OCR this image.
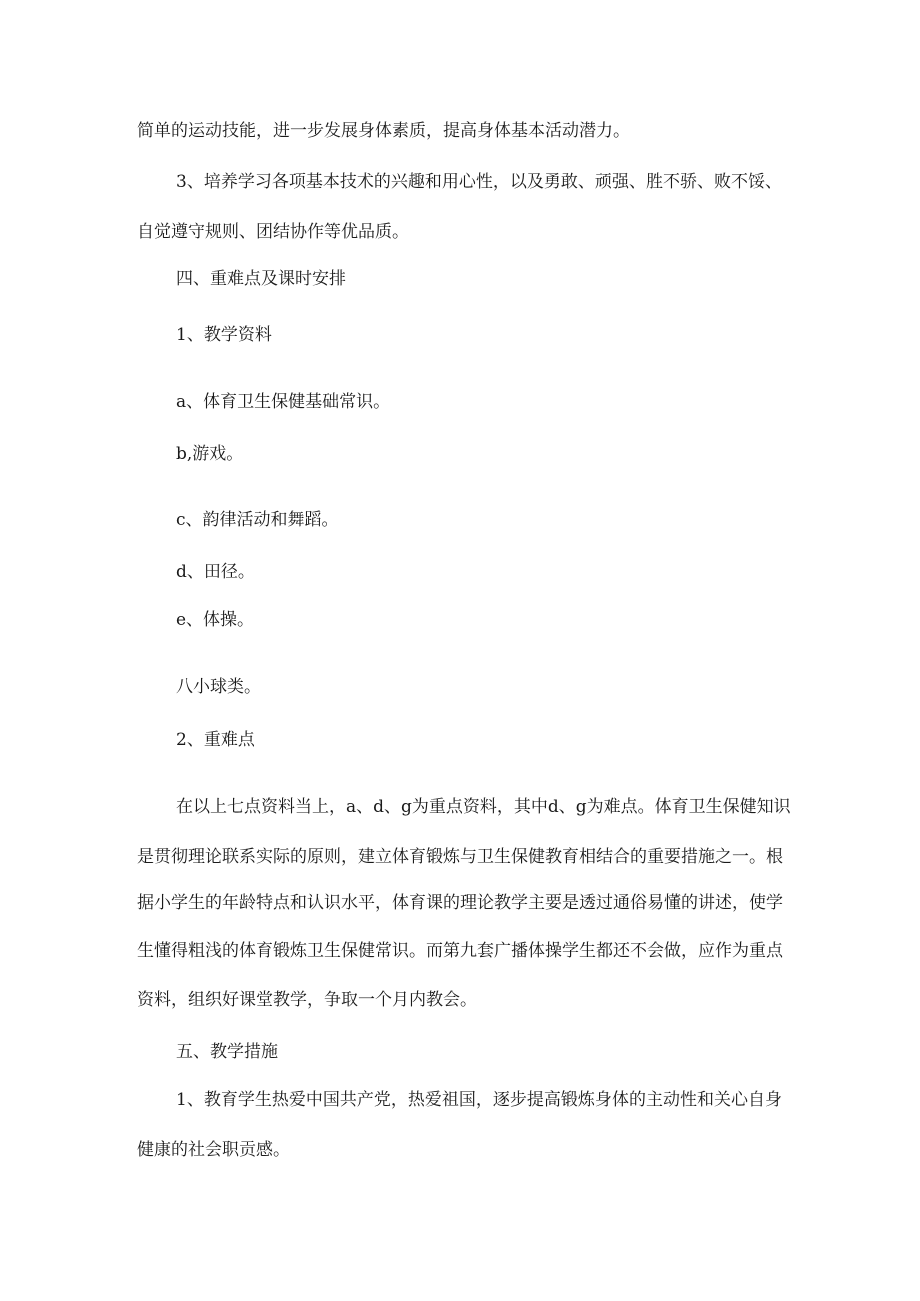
简单的运动技能，进一步发展身体素质，提高身体基本活动潜力。
3、培养学习各项基本技术的兴趣和用心性，以及勇敢、顽强、胜不骄、败不馁、
自觉遵守规则、团结协作等优品质。
四、重难点及课时安排
1、教学资料
a、体育卫生保健基础常识。
b,游戏。
c、韵律活动和舞蹈。
d、田径。
e、体操。
八小球类。
2、重难点
在以上七点资料当上，a、d、g为重点资料，其中d、g为难点。体育卫生保健知识
是贯彻理论联系实际的原则，建立体育锻炼与卫生保健教育相结合的重要措施之一。根
据小学生的年龄特点和认识水平，体育课的理论教学主要是透过通俗易懂的讲述，使学
生懂得粗浅的体育锻炼卫生保健常识。而第九套广播体操学生都还不会做，应作为重点
资料，组织好课堂教学，争取一个月内教会。
五、教学措施
1、教育学生热爱中国共产党，热爱祖国，逐步提高锻炼身体的主动性和关心自身
健康的社会职贡感。
